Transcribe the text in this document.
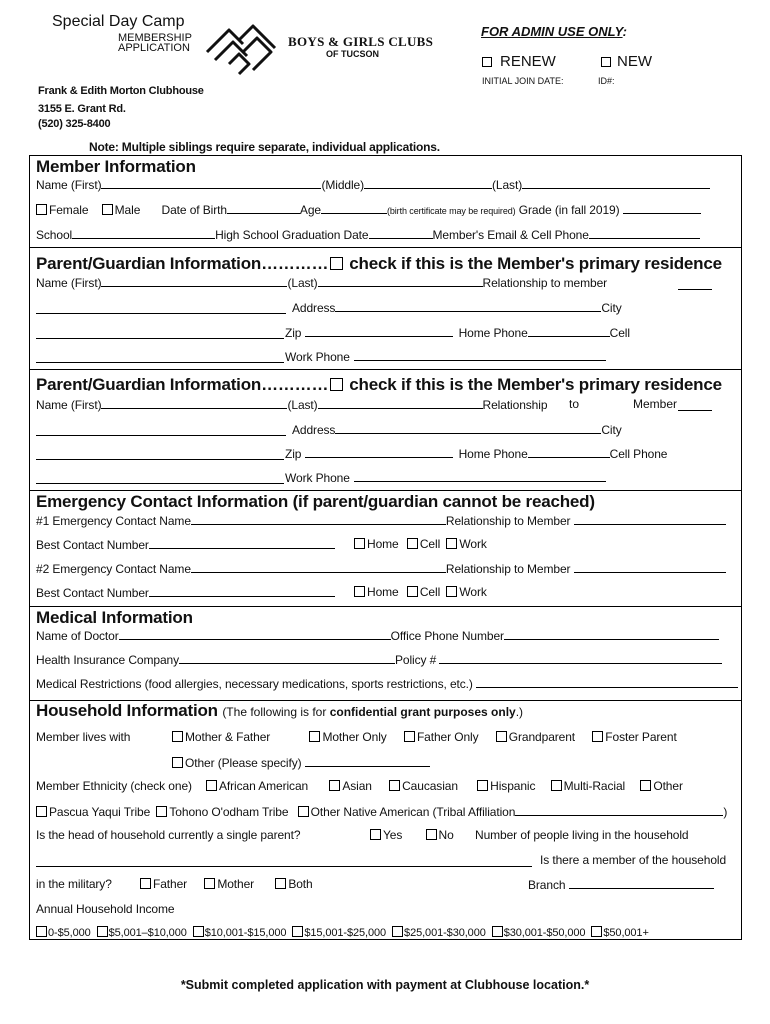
Special Day Camp
MEMBERSHIP
APPLICATION	BOYS & GIRLS CLUBS
OF TUCSON
Frank & Edith Morton Clubhouse
3155 E. Grant Rd.
(520) 325-8400
FOR ADMIN USE ONLY:
RENEW	NEW
INITIAL JOIN DATE:	ID#:
Note: Multiple siblings require separate, individual applications.
Member Information
Name (First)	(Middle)	(Last)
Female Male Date of Birth	Age	(birth certificate may be required) Grade (in fall 2019)
School	High School Graduation Date	Member's Email & Cell Phone
Parent/Guardian Information………… check if this is the Member's primary residence
Name (First)	(Last)	Relationship to member
Address	City
Zip	Home Phone	Cell
Work Phone
Parent/Guardian Information………… check if this is the Member's primary residence
Name (First)	(Last)	Relationship to	Member
Address	City
Zip	Home Phone	Cell Phone
Work Phone
Emergency Contact Information (if parent/guardian cannot be reached)
#1 Emergency Contact Name	Relationship to Member
Best Contact Number	Home Cell Work
#2 Emergency Contact Name	Relationship to Member
Best Contact Number	Home Cell Work
Medical Information
Name of Doctor	Office Phone Number
Health Insurance Company	Policy #
Medical Restrictions (food allergies, necessary medications, sports restrictions, etc.)
Household Information (The following is for confidential grant purposes only.)
Member lives with	Mother & Father	Mother Only	Father Only	Grandparent	Foster Parent
Other (Please specify)
Member Ethnicity (check one)	African American	Asian	Caucasian	Hispanic Multi-Racial Other
Pascua Yaqui Tribe Tohono O'odham Tribe Other Native American (Tribal Affiliation	)
Is the head of household currently a single parent?	Yes	No Number of people living in the household
Is there a member of the household
in the military?	Father	Mother	Both	Branch
Annual Household Income
0-$5,000 $5,001–$10,000 $10,001-$15,000 $15,001-$25,000 $25,001-$30,000 $30,001-$50,000 $50,001+
*Submit completed application with payment at Clubhouse location.*
